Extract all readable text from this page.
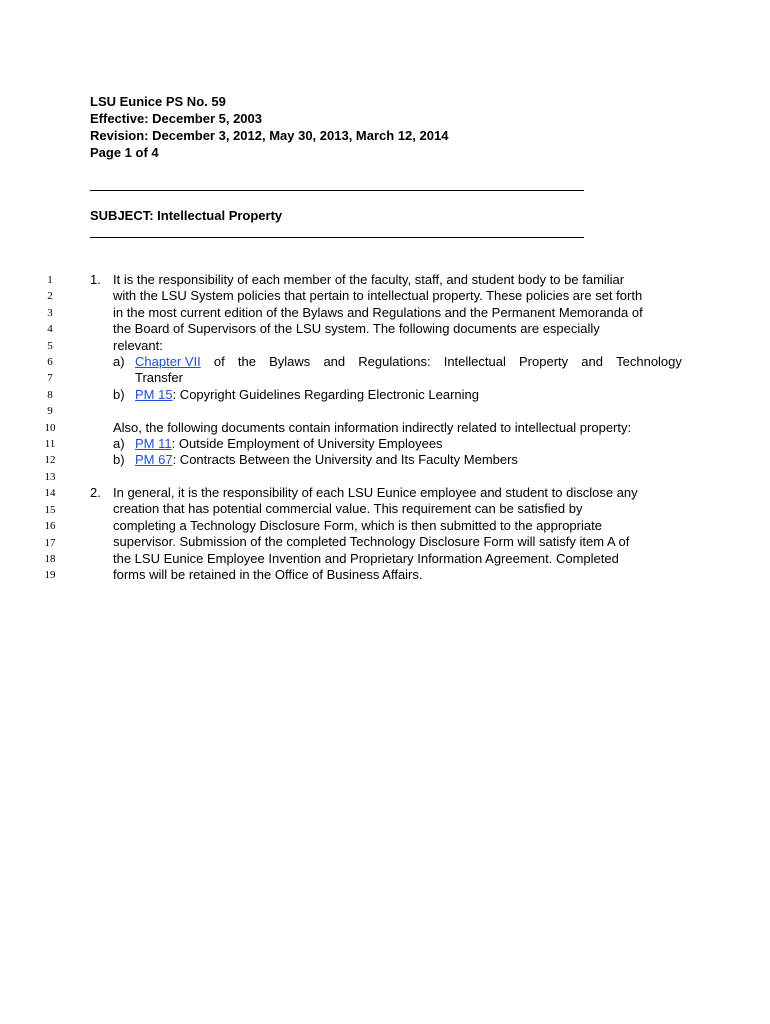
LSU Eunice PS No. 59
Effective: December 5, 2003
Revision: December 3, 2012, May 30, 2013, March 12, 2014
Page 1 of 4
SUBJECT: Intellectual Property
1
2
3
4
5
6
7
8
9
10
11
12
13
14
15
16
17
18
19
1. It is the responsibility of each member of the faculty, staff, and student body to be familiar
with the LSU System policies that pertain to intellectual property. These policies are set forth
in the most current edition of the Bylaws and Regulations and the Permanent Memoranda of
the Board of Supervisors of the LSU system. The following documents are especially
relevant:
a) Chapter VII of the Bylaws and Regulations: Intellectual Property and Technology
Transfer
b) PM 15: Copyright Guidelines Regarding Electronic Learning
Also, the following documents contain information indirectly related to intellectual property:
a) PM 11: Outside Employment of University Employees
b) PM 67: Contracts Between the University and Its Faculty Members
2. In general, it is the responsibility of each LSU Eunice employee and student to disclose any
creation that has potential commercial value. This requirement can be satisfied by
completing a Technology Disclosure Form, which is then submitted to the appropriate
supervisor. Submission of the completed Technology Disclosure Form will satisfy item A of
the LSU Eunice Employee Invention and Proprietary Information Agreement. Completed
forms will be retained in the Office of Business Affairs.
